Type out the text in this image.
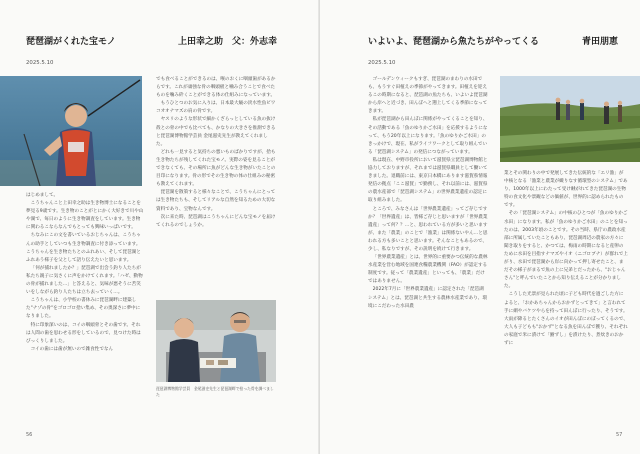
琵琶湖がくれた宝モノ	上田幸之助　父：外志幸
2025.5.10

はじめまして。

こうちゃんこと上田幸之助は生き物博士になることを夢見る9歳です。生き物のことがとにかく大好きで川や山や湖で、毎日のように生き物調査をしています。生き物に関わるこならなんでもとっても興味いっぱいです。

ちなみにこの文を書いているおじちゃんは、こうちゃんの助手としていつも生き物調査に付き添っています。こうちゃんを生き物たちとのふれあい、そして琵琶湖とふれあう様子を父として語り伝えたいと思います。

「何が捕れましたか？」琵琶湖で出会う釣り人たちが私たち親子に気さくに声をかけてくれます。「ハゼ、動物の骨が捕れました…」と答えると、気味が悪そうに苦笑いをしながら釣り人たちは立ち去っていく…。

こうちゃんは、小学校の書休みに琵琶湖畔に建築した"ナゾの骨"をゴロゴロ拾い集め、その奥深さに夢中になりました。

特に印象深いのは、コイの咽頭骨とその歯です。それは人間の歯を思わせる形をしているので、見つけた時はびっくりしました。

コイの歯には歯が無いので雑食性でなん

でも食べることができるのは、喉のおくに咽頭歯があるからです。これが頑強な骨の咽頭板と噛み合うことで食べたものを噛み砕くことができる体の仕組みになっています。

もうひとつのお気に入りは、日本最大級の淡水性魚ビワコオオナマズの肩の骨です。

ヤスリのような形状で細かくざらっとしている魚の抜け殻との骨の中でも比べても、かなりの大きさを推測できると琵琶湖博物館学芸員 金尾滋史先生が教えてくれました。

どれも一見すると気持ちの悪いものばかりですが、拾も生き物たちが残してくれた宝モノ。実際の姿を見ることができなくても、その場所に魚がどんな生き物がいたことの目印になります。骨の形でその生き物の体の仕組みの秘密も教えてくれます。

琵琶湖を散策すると様々なことで、こうちゃんにとっては生き物たちも、そしてリアルな自然を知るための大切な資料であり、宝物なんです。

次に来た時、琵琶湖はこうちゃんにどんな宝モノを届けてくれるのでしょうか。

琵琶湖博物館学芸員　金尾滋史先生と琵琶湖畔で拾った骨を調べました
56
いよいよ、琵琶湖から魚たちがやってくる	青田朋恵
2025.5.10

ゴールデンウィークもすぎ、琵琶湖のまわりの水田でも、もうすぐ田植えの季節がやってきます。田植えを迎えるこの時期になると、琵琶湖の魚たちも、いよいよ琵琶湖から岸へと近づき、田んぼへと遡上してくる季節になってきます。

私が琵琶湖から田んぼに関係がやってくることを知り、その活動である「魚のゆりかご水田」を応援するようになって、もう20年以上になります。「魚のゆりかご水田」のきっかけで、現在、私がライフワークとして取り組んでいる「琵琶湖システム」の発信につながっています。

私は現在、中野市役所において滋賀県立琵琶湖博物館と協力しておりますが、それまでは滋賀県職員として働いてきました。退職前には、東京日本橋にあります滋賀県情報発信の拠点「ここ滋賀」で勤務し、それ以前には、滋賀県の農水産部で「琵琶湖システム」の世界農業遺産の認定に取り組みました。

ところで、みなさんは「世界農業遺産」ってご存じですか？「世界遺産」は、皆様ご存じと思いますが「世界農業遺産」って何？？…と、思われている方が多いと思いますが、また「農業」のことで「漁業」は関係ないやん…と思われる方も多いことと思います。そんなこともあるので、少し、私なりですが、その説明を続けて行きます。

「世界農業遺産」とは、世界的に重要かつ伝統的な農林水産業を営む地域を国連食糧農業機関（FAO）が認定する制度です。従って「農業遺産」といっても、「農業」だけではありません。

2022年7月に「世界農業遺産」に認定された「琵琶湖システム」とは、琵琶湖と共生する農林水産業であり、環境にこだわった水田農

業とその関わりの中で発展してきた伝統的な「エリ漁」が中核となる「漁業と農業が織りなす循環型のシステム」であり、1000年以上にわたって受け継がれてきた琵琶湖の生物特の食文化や景観などの価値が、世界的に認められたものです。

その「琵琶湖システム」の中核のひとつが「魚のゆりかご水田」になります。私が「魚のゆりかご水田」のことを知ったのは、2003年頃のことです。その当時、県庁の農政水産部に所属していたこともあり、琵琶湖周辺の農家の方々に聞き取りをすると、かつては、梅雨の時期になると産卵のために水田を目指すナマズやイオ（ニゴロブナ）が群れで上がり、水田で琵琶湖から岸に向かって押し寄せたこと、まだその様子がまるで魚の上に兄弟とだったから、"おじゃんさん"と呼んでいたことから知り伝えることが分かりました。

こうした光景が見られた頃に子ども時代を過ごした方によると、「おかあちゃんからおかずとってきて」と言われて手に網やバケツやらを持って田んぼに行ったり、そうです。大雨が降るとたくさんのイオが田んぼにのぼってくるので、大人も子どもも"おかず"となる魚を田んぼで獲り、それぞれの家庭で米に漬けて「鮒ずし」を漬けたり、煮炊きのおかずに

57
